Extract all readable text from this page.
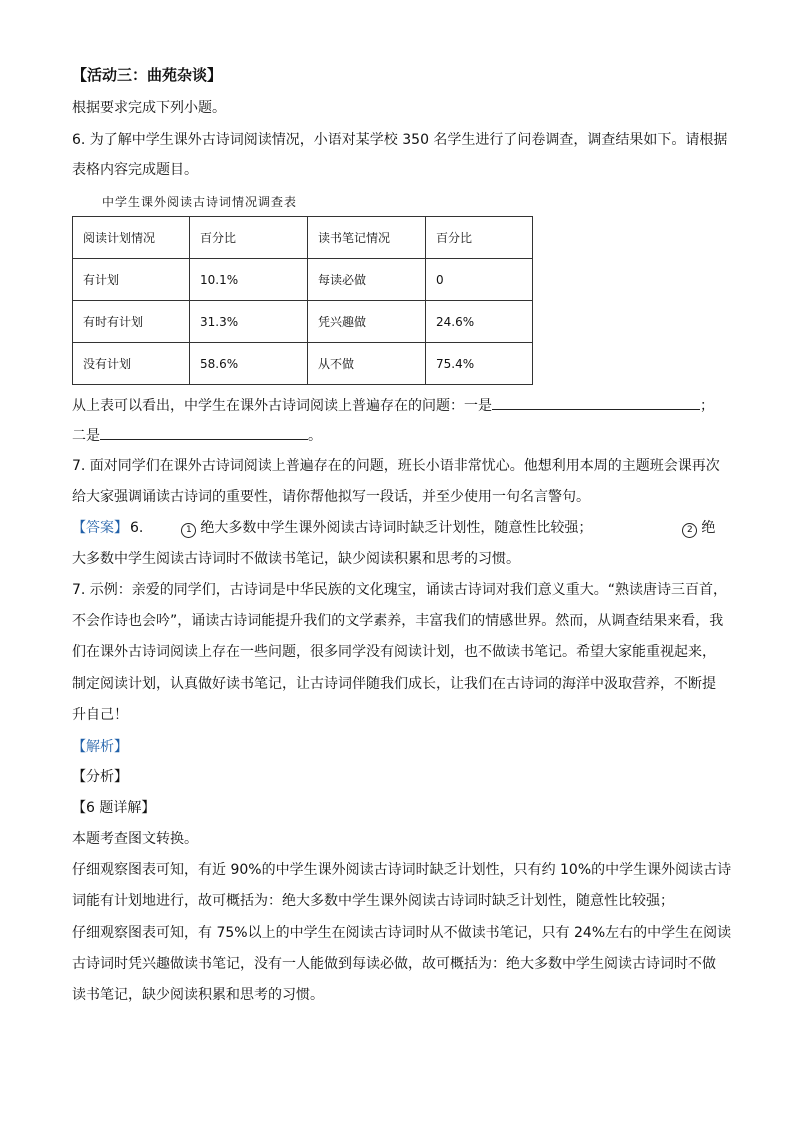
【活动三：曲苑杂谈】
根据要求完成下列小题。
6. 为了解中学生课外古诗词阅读情况，小语对某学校 350 名学生进行了问卷调查，调查结果如下。请根据
表格内容完成题目。
中学生课外阅读古诗词情况调查表
阅读计划情况	百分比	读书笔记情况	百分比
有计划	10.1%	每读必做	0
有时有计划	31.3%	凭兴趣做	24.6%
没有计划	58.6%	从不做	75.4%
从上表可以看出，中学生在课外古诗词阅读上普遍存在的问题：一是	；
二是	。
7. 面对同学们在课外古诗词阅读上普遍存在的问题，班长小语非常忧心。他想利用本周的主题班会课再次
给大家强调诵读古诗词的重要性，请你帮他拟写一段话，并至少使用一句名言警句。
【答案】 6.	1 绝大多数中学生课外阅读古诗词时缺乏计划性，随意性比较强；	2 绝
大多数中学生阅读古诗词时不做读书笔记，缺少阅读积累和思考的习惯。
7. 示例：亲爱的同学们，古诗词是中华民族的文化瑰宝，诵读古诗词对我们意义重大。“熟读唐诗三百首，
不会作诗也会吟”，诵读古诗词能提升我们的文学素养，丰富我们的情感世界。然而，从调查结果来看，我
们在课外古诗词阅读上存在一些问题，很多同学没有阅读计划，也不做读书笔记。希望大家能重视起来，
制定阅读计划，认真做好读书笔记，让古诗词伴随我们成长，让我们在古诗词的海洋中汲取营养，不断提
升自己！
【解析】
【分析】
【6 题详解】
本题考查图文转换。
仔细观察图表可知，有近 90%的中学生课外阅读古诗词时缺乏计划性，只有约 10%的中学生课外阅读古诗
词能有计划地进行，故可概括为：绝大多数中学生课外阅读古诗词时缺乏计划性，随意性比较强；
仔细观察图表可知，有 75%以上的中学生在阅读古诗词时从不做读书笔记，只有 24%左右的中学生在阅读
古诗词时凭兴趣做读书笔记，没有一人能做到每读必做，故可概括为：绝大多数中学生阅读古诗词时不做
读书笔记，缺少阅读积累和思考的习惯。
